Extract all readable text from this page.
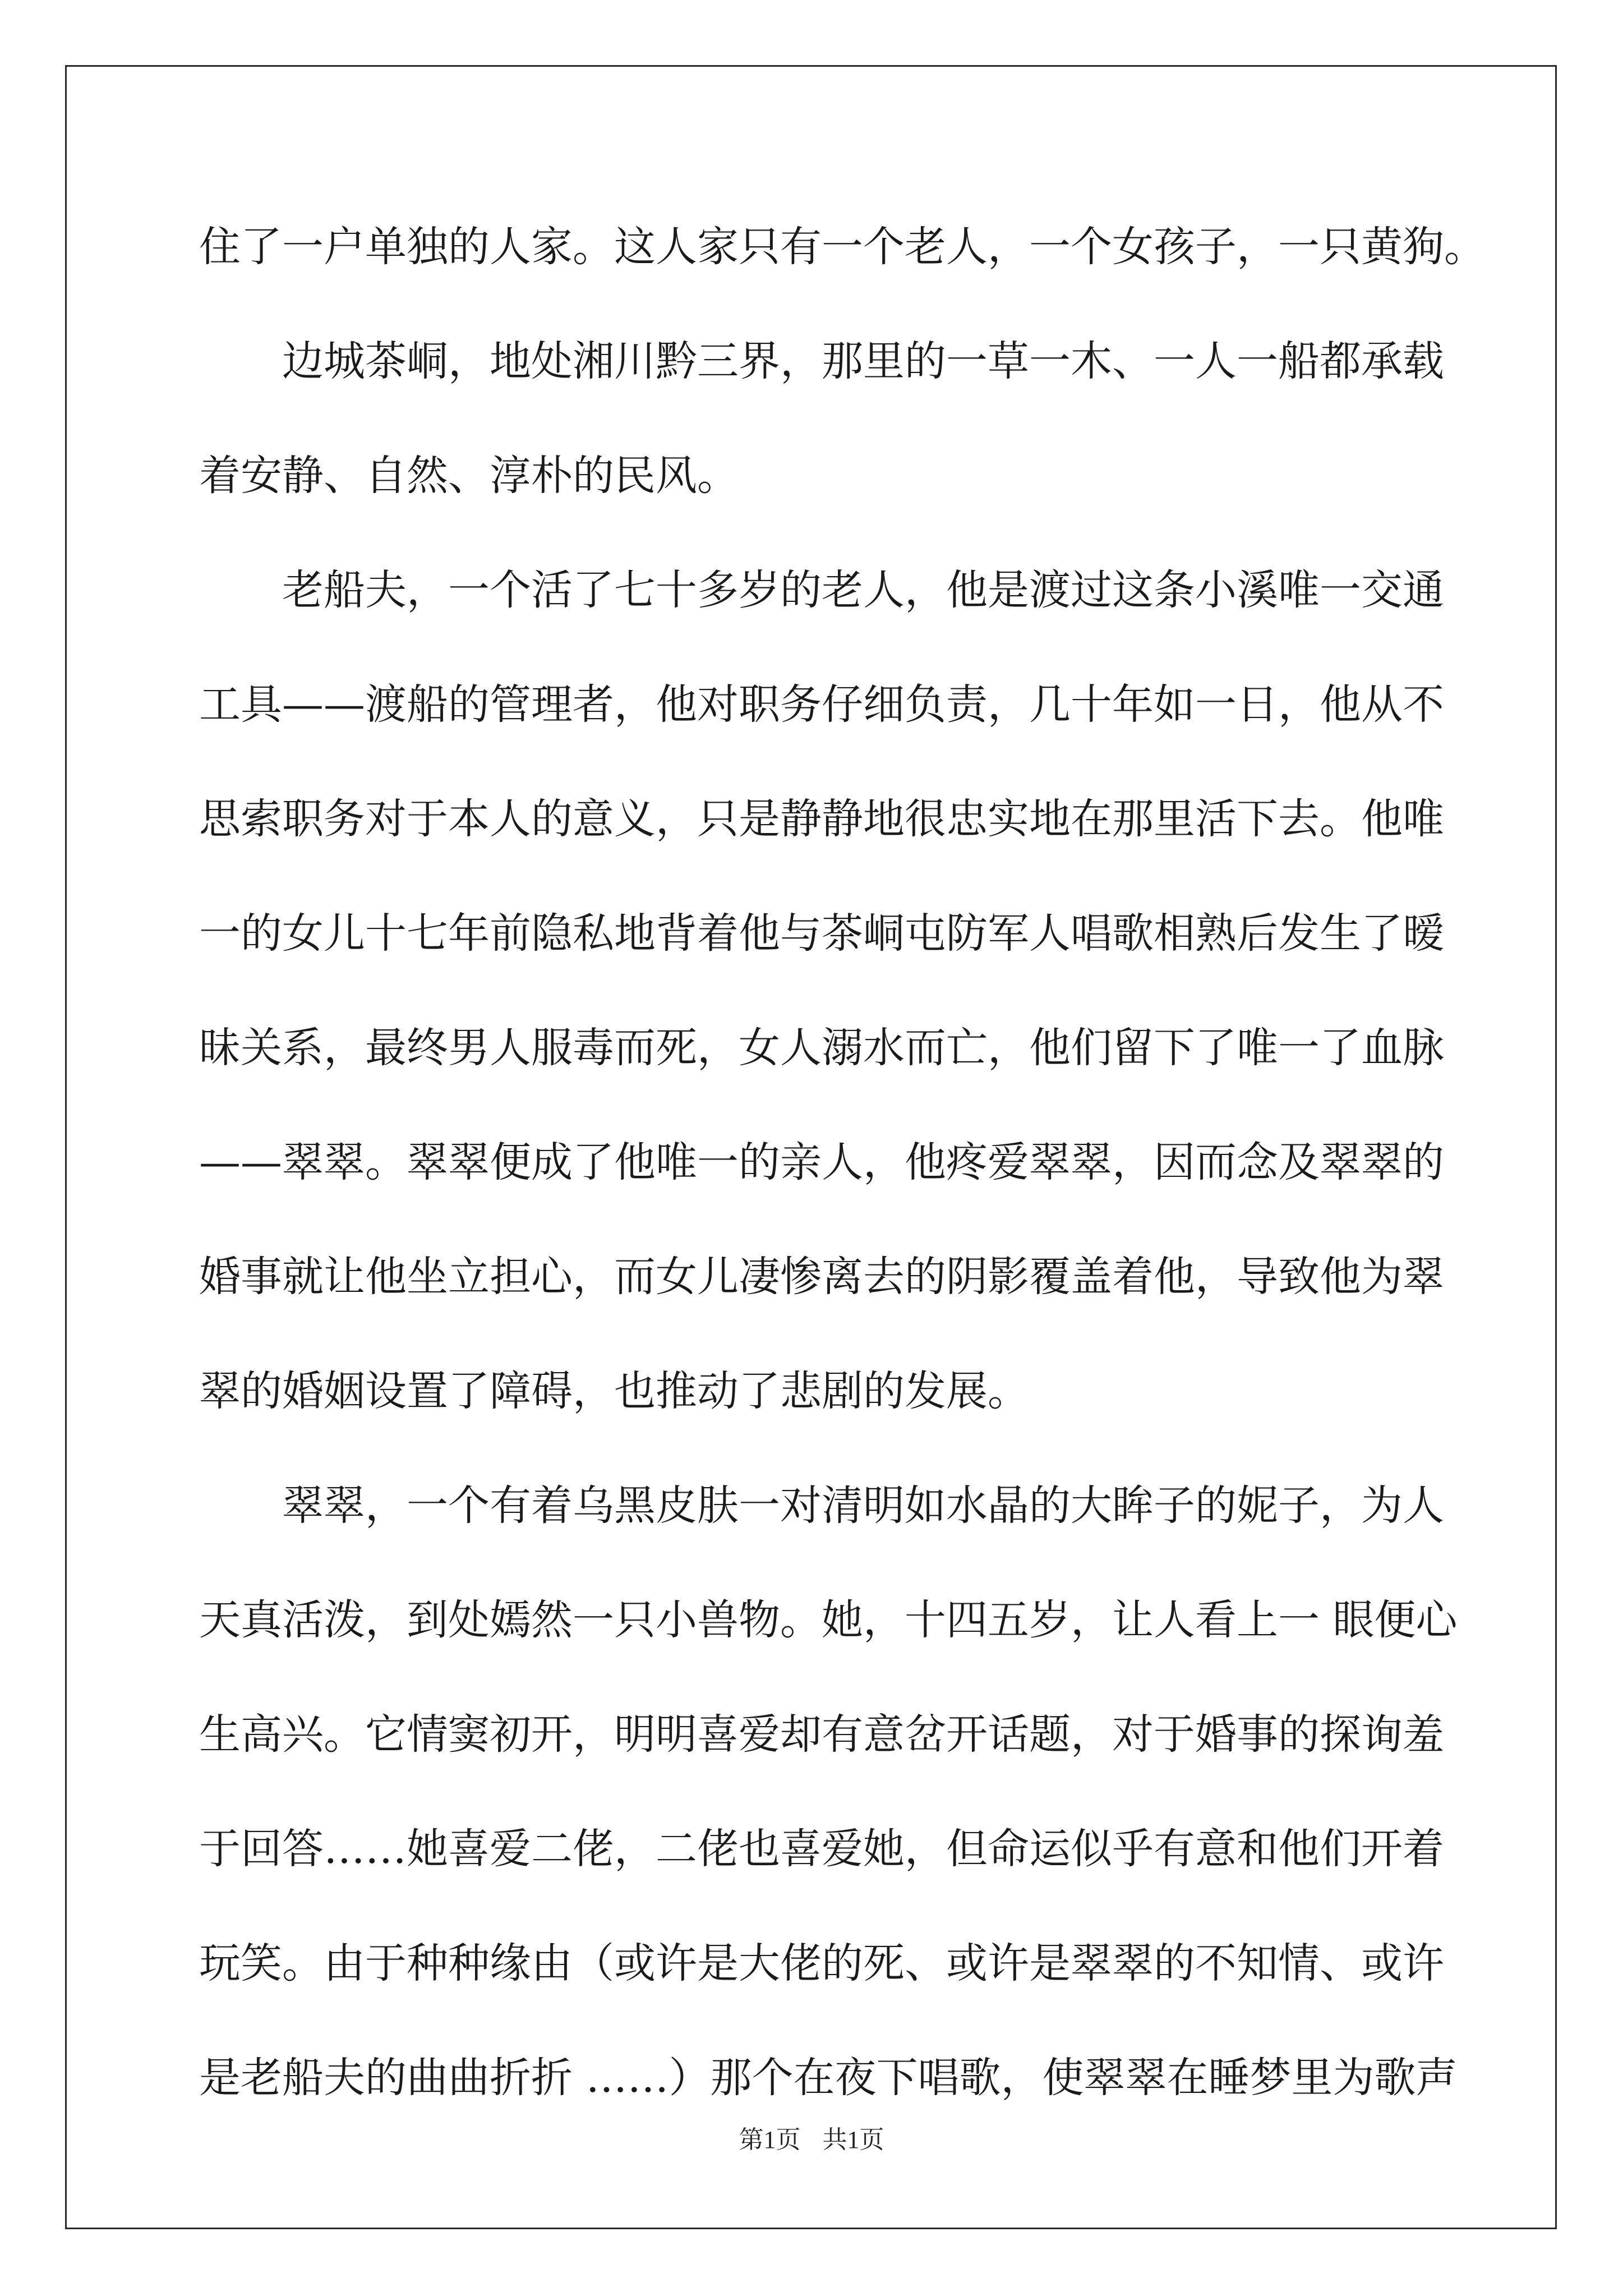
住了一户单独的人家。这人家只有一个老人，一个女孩子，一只黄狗。
边城茶峒，地处湘川黔三界，那里的一草一木、一人一船都承载
着安静、自然、淳朴的民风。
老船夫，一个活了七十多岁的老人，他是渡过这条小溪唯一交通
工具——渡船的管理者，他对职务仔细负责，几十年如一日，他从不
思索职务对于本人的意义，只是静静地很忠实地在那里活下去。他唯
一的女儿十七年前隐私地背着他与茶峒屯防军人唱歌相熟后发生了暧
昧关系，最终男人服毒而死，女人溺水而亡，他们留下了唯一了血脉
——翠翠。翠翠便成了他唯一的亲人，他疼爱翠翠，因而念及翠翠的
婚事就让他坐立担心，而女儿凄惨离去的阴影覆盖着他，导致他为翠
翠的婚姻设置了障碍，也推动了悲剧的发展。
翠翠，一个有着乌黑皮肤一对清明如水晶的大眸子的妮子，为人
天真活泼，到处嫣然一只小兽物。她，十四五岁，让人看上一 眼便心
生高兴。它情窦初开，明明喜爱却有意岔开话题，对于婚事的探询羞
于回答……她喜爱二佬，二佬也喜爱她，但命运似乎有意和他们开着
玩笑。由于种种缘由（或许是大佬的死、或许是翠翠的不知情、或许
是老船夫的曲曲折折 ……）那个在夜下唱歌，使翠翠在睡梦里为歌声
第1页 共1页
